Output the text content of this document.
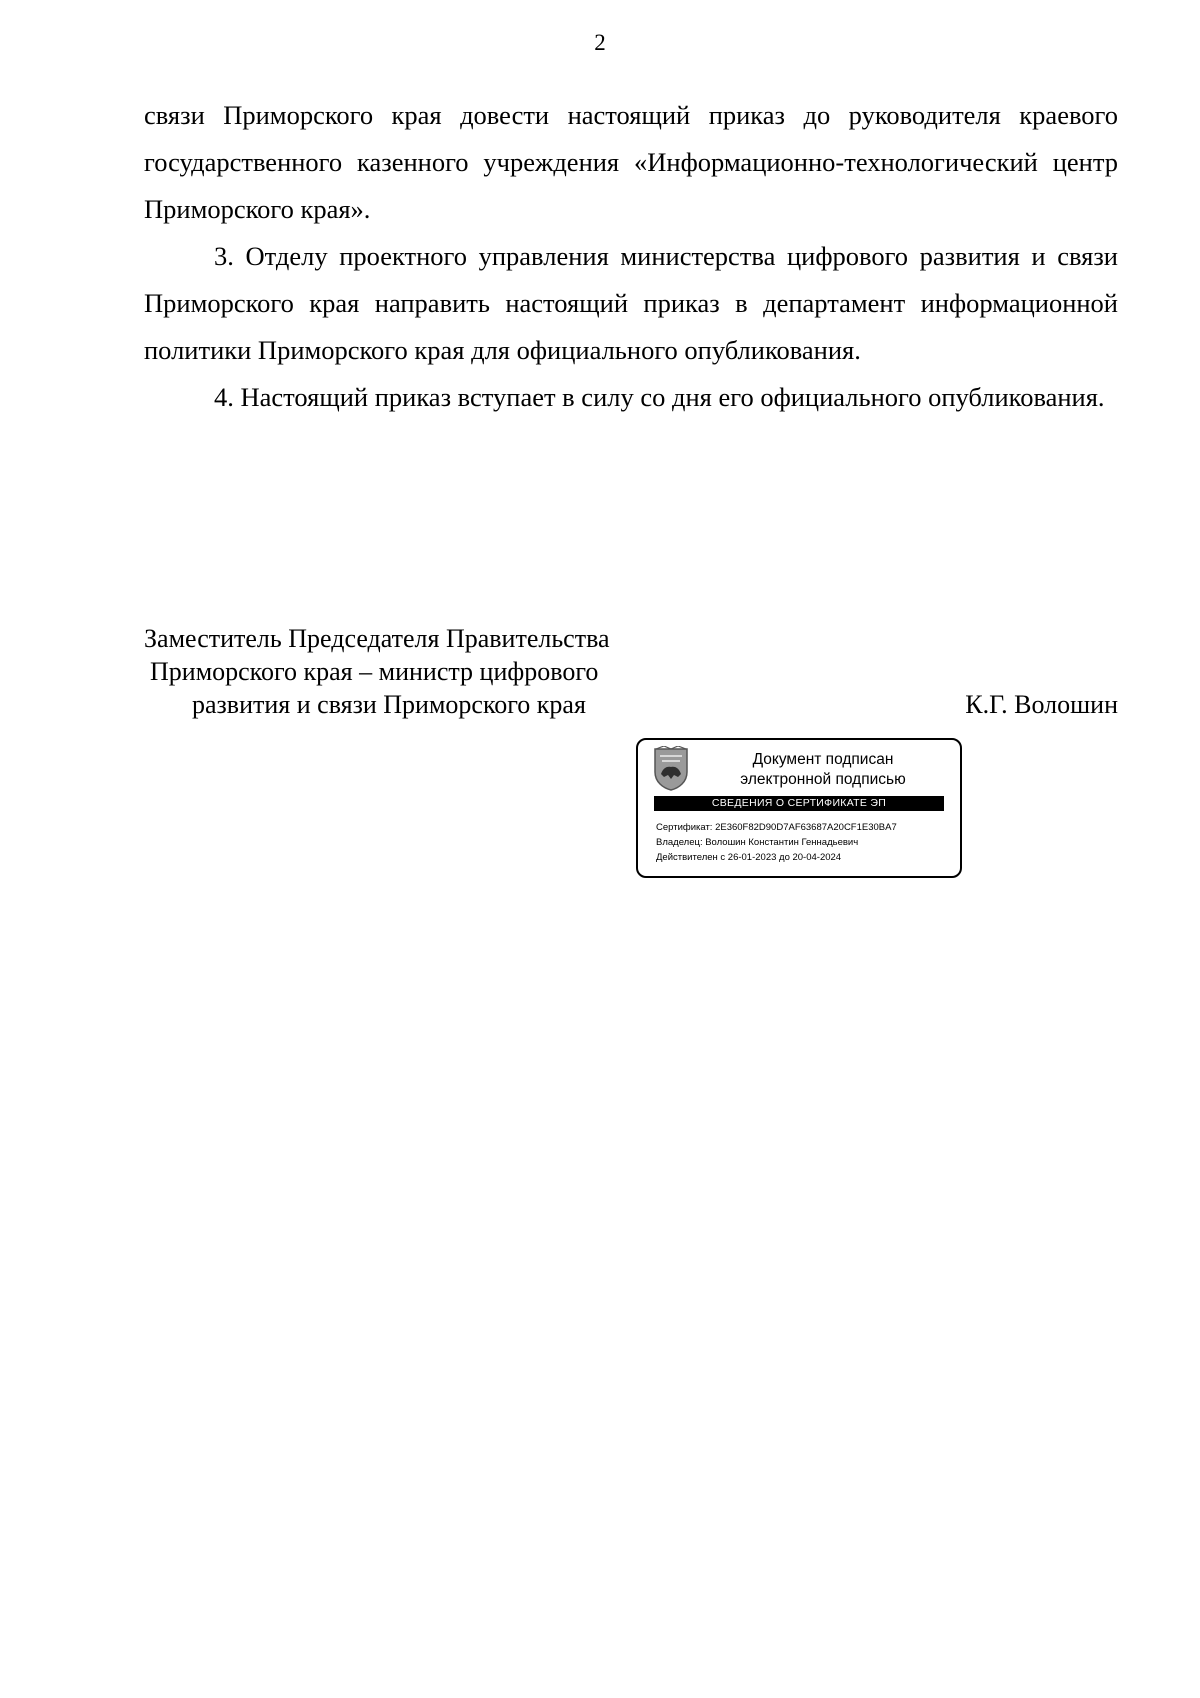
2

связи Приморского края довести настоящий приказ до руководителя краевого государственного казенного учреждения «Информационно-технологический центр Приморского края».

3. Отделу проектного управления министерства цифрового развития и связи Приморского края направить настоящий приказ в департамент информационной политики Приморского края для официального опубликования.

4. Настоящий приказ вступает в силу со дня его официального опубликования.

Заместитель Председателя Правительства
Приморского края – министр цифрового
развития и связи Приморского края	К.Г. Волошин
Документ подписан
электронной подписью
СВЕДЕНИЯ О СЕРТИФИКАТЕ ЭП
Сертификат: 2E360F82D90D7AF63687A20CF1E30BA7
Владелец: Волошин Константин Геннадьевич
Действителен с 26-01-2023 до 20-04-2024
